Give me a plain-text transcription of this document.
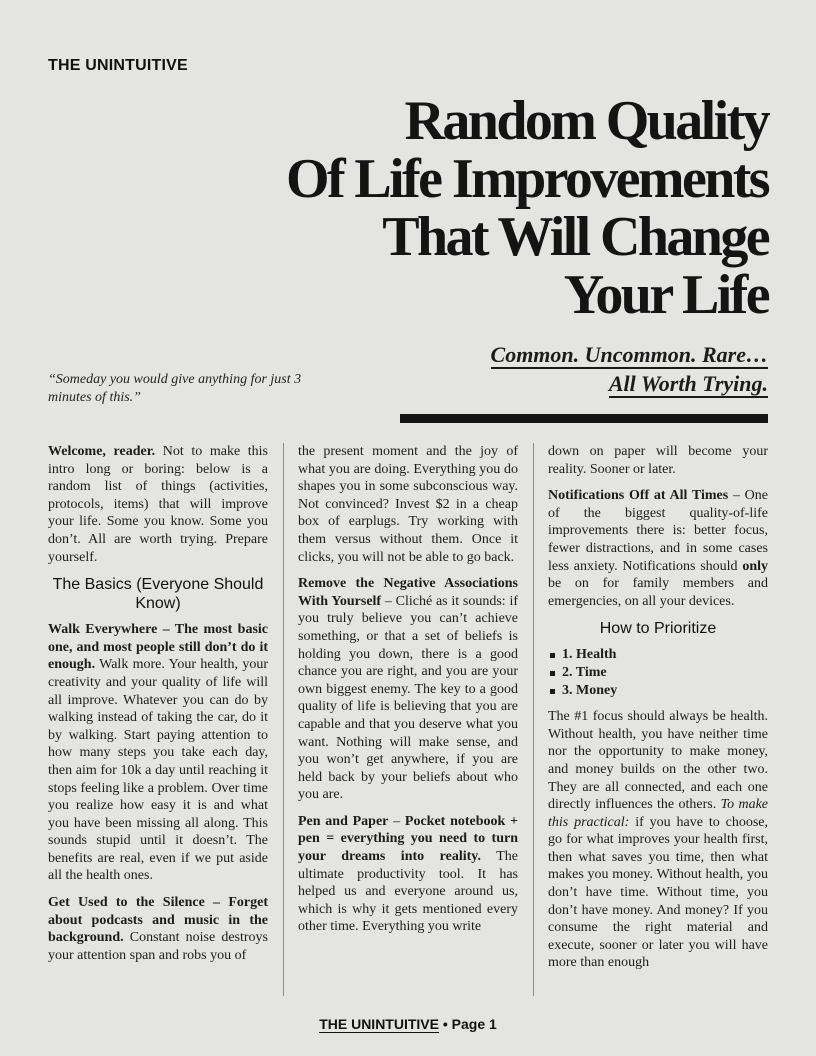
THE UNINTUITIVE
Random Quality
Of Life Improvements
That Will Change
Your Life
Common. Uncommon. Rare…
All Worth Trying.
“Someday you would give anything for just 3 minutes of this.”

Welcome, reader. Not to make this intro long or boring: below is a random list of things (activities, protocols, items) that will improve your life. Some you know. Some you don’t. All are worth trying. Prepare yourself.

The Basics (Everyone Should Know)

Walk Everywhere – The most basic one, and most people still don’t do it enough. Walk more. Your health, your creativity and your quality of life will all improve. Whatever you can do by walking instead of taking the car, do it by walking. Start paying attention to how many steps you take each day, then aim for 10k a day until reaching it stops feeling like a problem. Over time you realize how easy it is and what you have been missing all along. This sounds stupid until it doesn’t. The benefits are real, even if we put aside all the health ones.

Get Used to the Silence – Forget about podcasts and music in the background. Constant noise destroys your attention span and robs you of

the present moment and the joy of what you are doing. Everything you do shapes you in some subconscious way. Not convinced? Invest $2 in a cheap box of earplugs. Try working with them versus without them. Once it clicks, you will not be able to go back.

Remove the Negative Associations With Yourself – Cliché as it sounds: if you truly believe you can’t achieve something, or that a set of beliefs is holding you down, there is a good chance you are right, and you are your own biggest enemy. The key to a good quality of life is believing that you are capable and that you deserve what you want. Nothing will make sense, and you won’t get anywhere, if you are held back by your beliefs about who you are.

Pen and Paper – Pocket notebook + pen = everything you need to turn your dreams into reality. The ultimate productivity tool. It has helped us and everyone around us, which is why it gets mentioned every other time. Everything you write

down on paper will become your reality. Sooner or later.

Notifications Off at All Times – One of the biggest quality-of-life improvements there is: better focus, fewer distractions, and in some cases less anxiety. Notifications should only be on for family members and emergencies, on all your devices.

How to Prioritize
1. Health
2. Time
3. Money

The #1 focus should always be health. Without health, you have neither time nor the opportunity to make money, and money builds on the other two. They are all connected, and each one directly influences the others. To make this practical: if you have to choose, go for what improves your health first, then what saves you time, then what makes you money. Without health, you don’t have time. Without time, you don’t have money. And money? If you consume the right material and execute, sooner or later you will have more than enough

THE UNINTUITIVE • Page 1
